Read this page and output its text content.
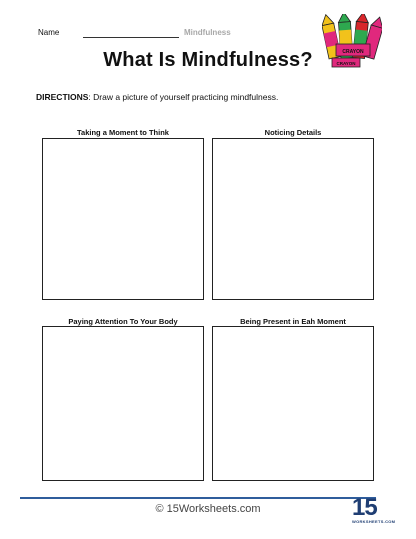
Name	Mindfulness
CRAYON
CRAYON
What Is Mindfulness?
DIRECTIONS: Draw a picture of yourself practicing mindfulness.
Taking a Moment to Think	Noticing Details
Paying Attention To Your Body	Being Present in Eah Moment
© 15Worksheets.com	15
WORKSHEETS.COM
